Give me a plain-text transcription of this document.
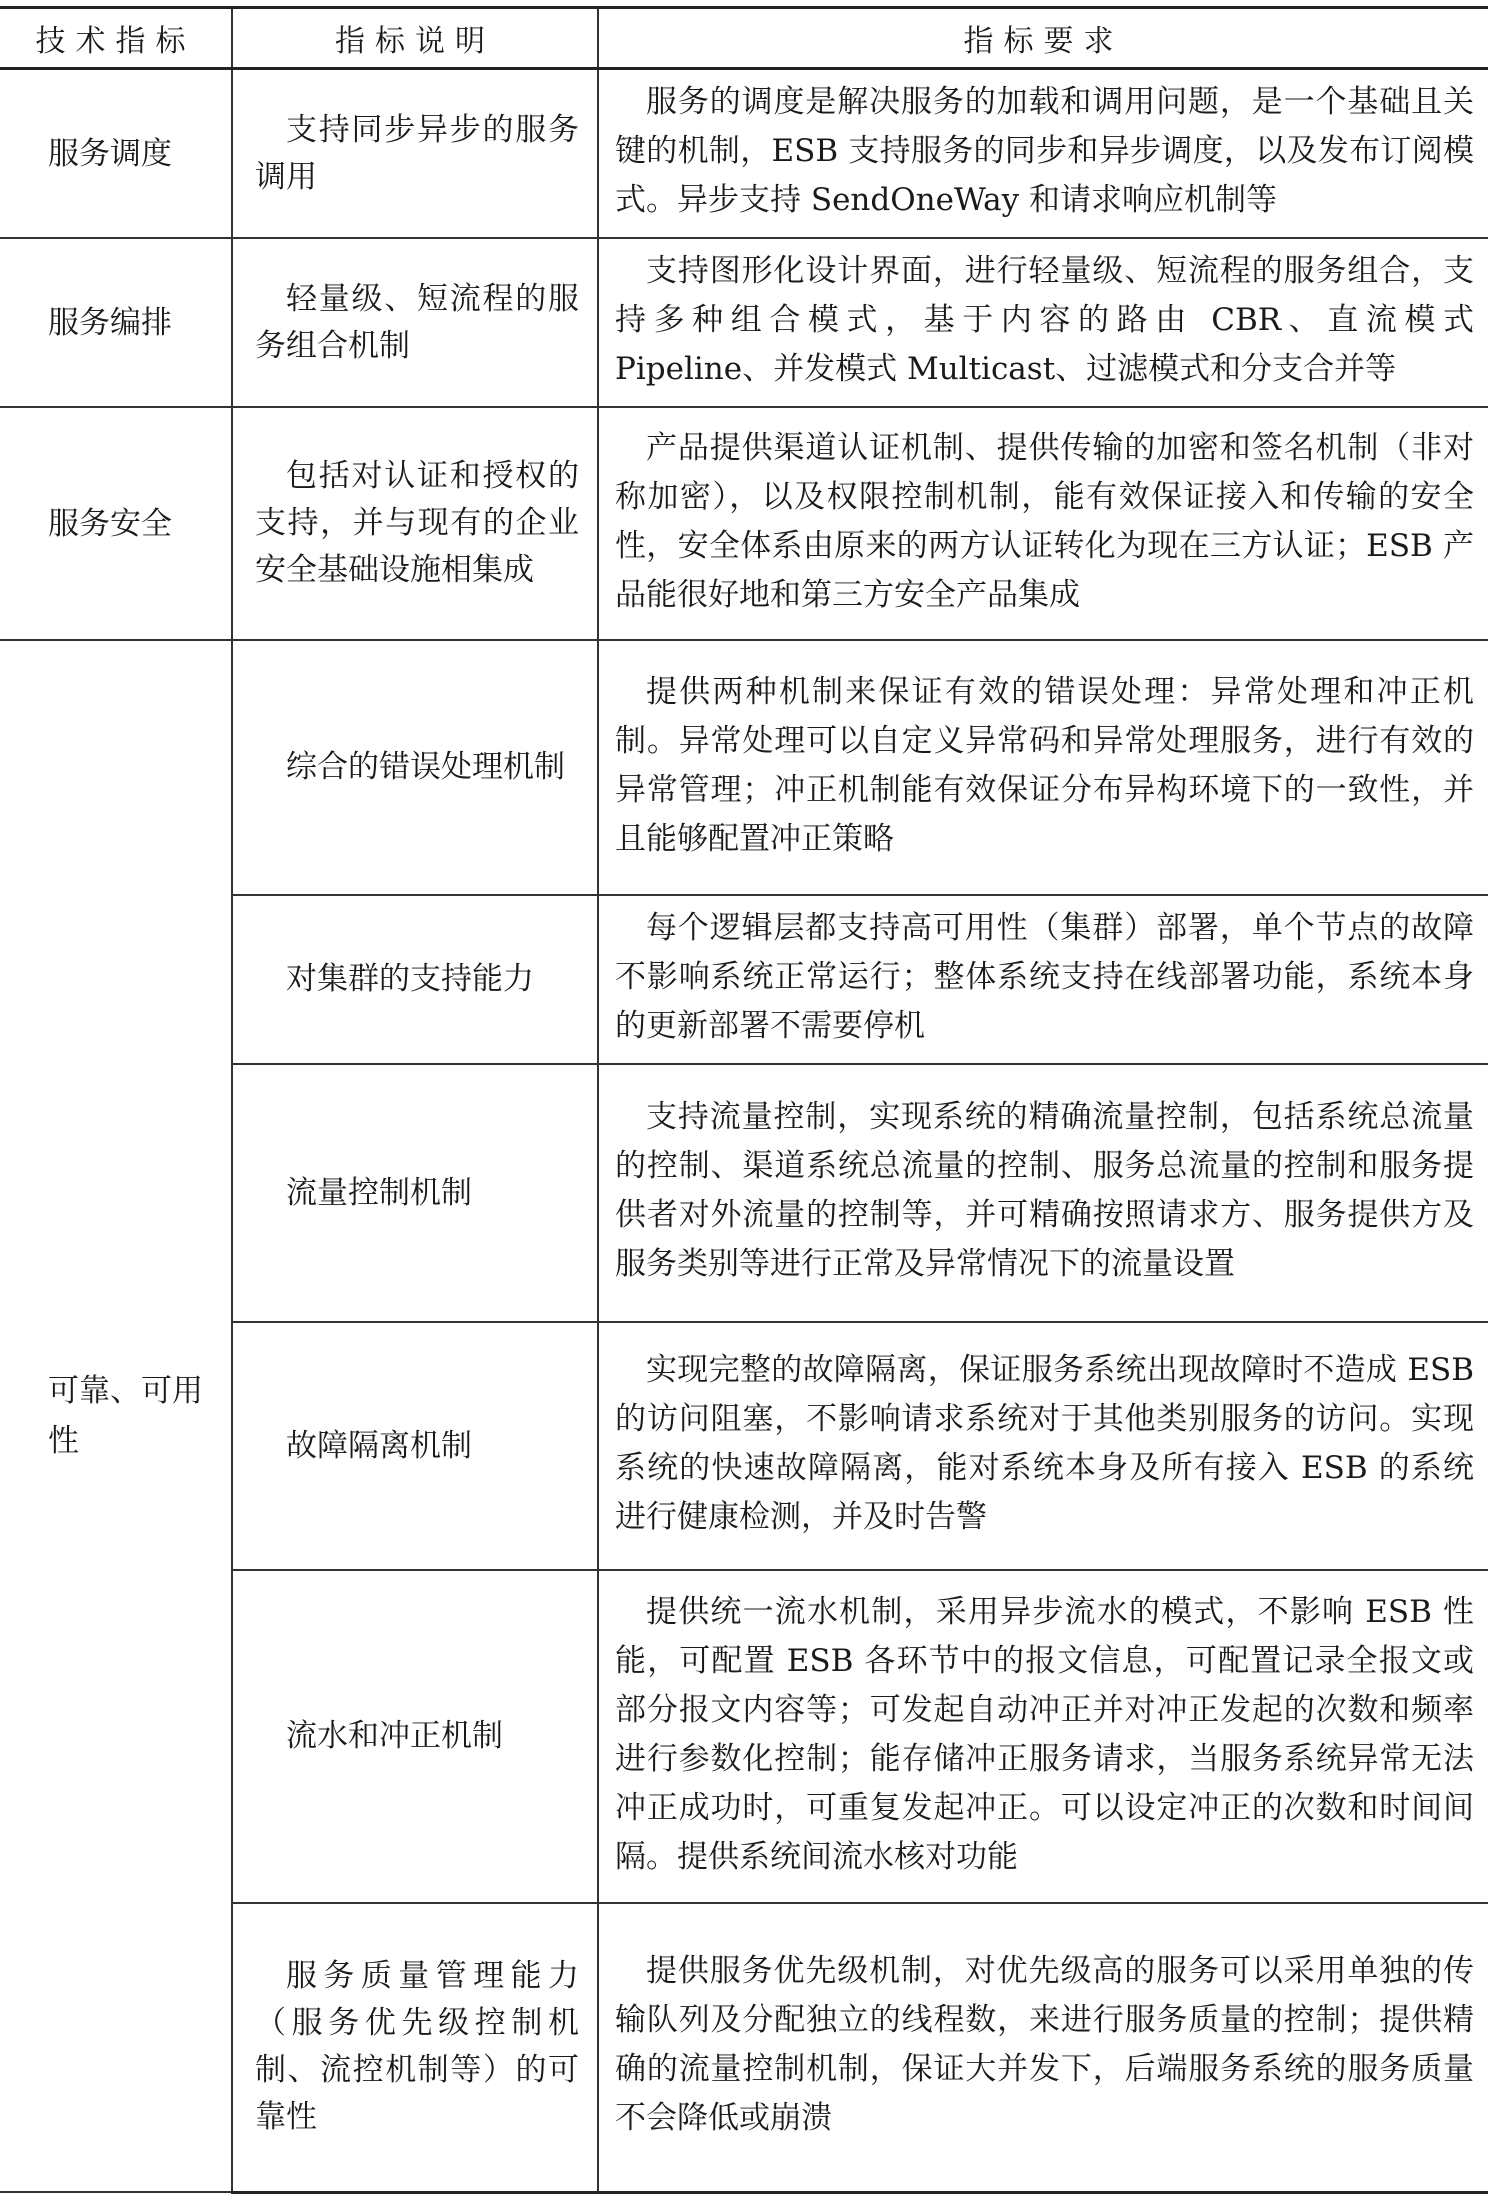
技术指标	指标说明	指标要求
服务调度	支持同步异步的服务调用	服务的调度是解决服务的加载和调用问题，是一个基础且关键的机制，ESB 支持服务的同步和异步调度，以及发布订阅模式。异步支持 SendOneWay 和请求响应机制等
服务编排	轻量级、短流程的服务组合机制	支持图形化设计界面，进行轻量级、短流程的服务组合，支持多种组合模式，基于内容的路由 CBR、直流模式 Pipeline、并发模式 Multicast、过滤模式和分支合并等
服务安全	包括对认证和授权的支持，并与现有的企业安全基础设施相集成	产品提供渠道认证机制、提供传输的加密和签名机制（非对称加密），以及权限控制机制，能有效保证接入和传输的安全性，安全体系由原来的两方认证转化为现在三方认证；ESB 产品能很好地和第三方安全产品集成
可靠、可用性	综合的错误处理机制	提供两种机制来保证有效的错误处理：异常处理和冲正机制。异常处理可以自定义异常码和异常处理服务，进行有效的异常管理；冲正机制能有效保证分布异构环境下的一致性，并且能够配置冲正策略
	对集群的支持能力	每个逻辑层都支持高可用性（集群）部署，单个节点的故障不影响系统正常运行；整体系统支持在线部署功能，系统本身的更新部署不需要停机
	流量控制机制	支持流量控制，实现系统的精确流量控制，包括系统总流量的控制、渠道系统总流量的控制、服务总流量的控制和服务提供者对外流量的控制等，并可精确按照请求方、服务提供方及服务类别等进行正常及异常情况下的流量设置
	故障隔离机制	实现完整的故障隔离，保证服务系统出现故障时不造成 ESB 的访问阻塞，不影响请求系统对于其他类别服务的访问。实现系统的快速故障隔离，能对系统本身及所有接入 ESB 的系统进行健康检测，并及时告警
	流水和冲正机制	提供统一流水机制，采用异步流水的模式，不影响 ESB 性能，可配置 ESB 各环节中的报文信息，可配置记录全报文或部分报文内容等；可发起自动冲正并对冲正发起的次数和频率进行参数化控制；能存储冲正服务请求，当服务系统异常无法冲正成功时，可重复发起冲正。可以设定冲正的次数和时间间隔。提供系统间流水核对功能
	服务质量管理能力（服务优先级控制机制、流控机制等）的可靠性	提供服务优先级机制，对优先级高的服务可以采用单独的传输队列及分配独立的线程数，来进行服务质量的控制；提供精确的流量控制机制，保证大并发下，后端服务系统的服务质量不会降低或崩溃
